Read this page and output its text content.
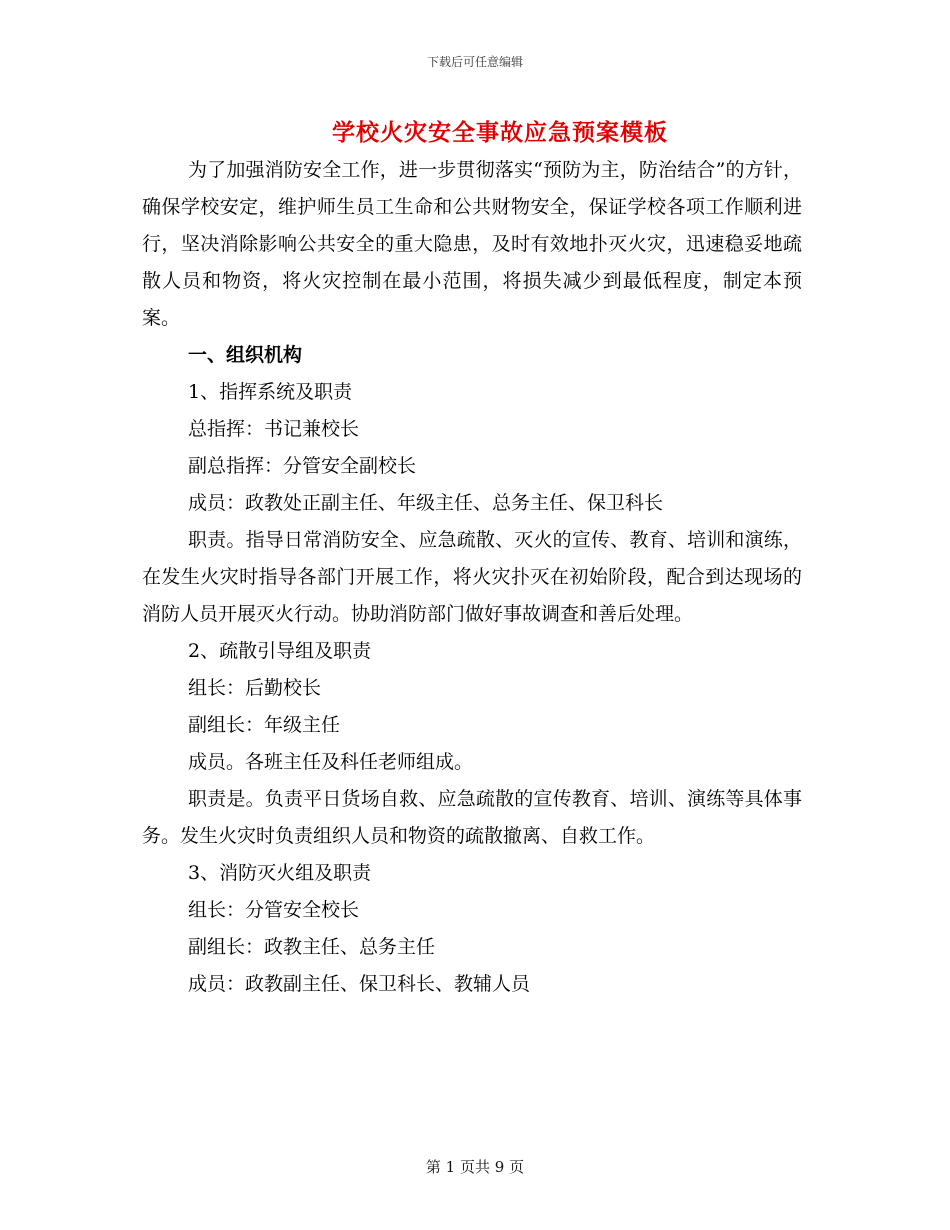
下载后可任意编辑
学校火灾安全事故应急预案模板

为了加强消防安全工作，进一步贯彻落实“预防为主，防治结合”的方针，确保学校安定，维护师生员工生命和公共财物安全，保证学校各项工作顺利进行，坚决消除影响公共安全的重大隐患，及时有效地扑灭火灾，迅速稳妥地疏散人员和物资，将火灾控制在最小范围，将损失减少到最低程度，制定本预案。

一、组织机构

1、指挥系统及职责

总指挥：书记兼校长

副总指挥：分管安全副校长

成员：政教处正副主任、年级主任、总务主任、保卫科长

职责。指导日常消防安全、应急疏散、灭火的宣传、教育、培训和演练，在发生火灾时指导各部门开展工作，将火灾扑灭在初始阶段，配合到达现场的消防人员开展灭火行动。协助消防部门做好事故调查和善后处理。

2、疏散引导组及职责

组长：后勤校长

副组长：年级主任

成员。各班主任及科任老师组成。

职责是。负责平日货场自救、应急疏散的宣传教育、培训、演练等具体事务。发生火灾时负责组织人员和物资的疏散撤离、自救工作。

3、消防灭火组及职责

组长：分管安全校长

副组长：政教主任、总务主任

成员：政教副主任、保卫科长、教辅人员

第 1 页共 9 页
